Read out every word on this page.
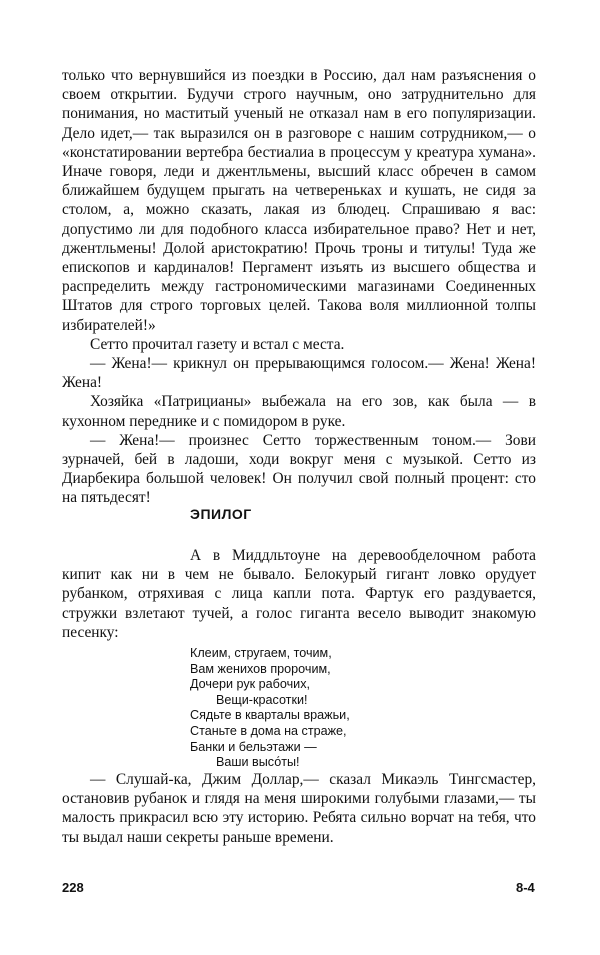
только что вернувшийся из поездки в Россию, дал нам разъяснения о своем открытии. Будучи строго научным, оно затруднительно для понимания, но маститый ученый не отказал нам в его популяризации. Дело идет,— так выразился он в разговоре с нашим сотрудником,— о «констатировании вертебра бестиалиа в процессум у креатура хумана». Иначе говоря, леди и джентльмены, высший класс обречен в самом ближайшем будущем прыгать на четвереньках и кушать, не сидя за столом, а, можно сказать, лакая из блюдец. Спрашиваю я вас: допустимо ли для подобного класса избирательное право? Нет и нет, джентльмены! Долой аристократию! Прочь троны и титулы! Туда же епископов и кардиналов! Пергамент изъять из высшего общества и распределить между гастрономическими магазинами Соединенных Штатов для строго торговых целей. Такова воля миллионной толпы избирателей!»

Сетто прочитал газету и встал с места.

— Жена!— крикнул он прерывающимся голосом.— Жена! Жена! Жена!

Хозяйка «Патрицианы» выбежала на его зов, как была — в кухонном переднике и с помидором в руке.

— Жена!— произнес Сетто торжественным тоном.— Зови зурначей, бей в ладоши, ходи вокруг меня с музыкой. Сетто из Диарбекира большой человек! Он получил свой полный процент: сто на пятьдесят!

ЭПИЛОГ

А в Миддльтоуне на деревообделочном работа кипит как ни в чем не бывало. Белокурый гигант ловко орудует рубанком, отряхивая с лица капли пота. Фартук его раздувается, стружки взлетают тучей, а голос гиганта весело выводит знакомую песенку:

Клеим, стругаем, точим,
Вам женихов пророчим,
Дочери рук рабочих,
Вещи-красотки!
Сядьте в кварталы вражьи,
Станьте в дома на страже,
Банки и бельэтажи —
Ваши высо́ты!

— Слушай-ка, Джим Доллар,— сказал Микаэль Тингсмастер, остановив рубанок и глядя на меня широкими голубыми глазами,— ты малость прикрасил всю эту историю. Ребята сильно ворчат на тебя, что ты выдал наши секреты раньше времени.

228	8-4
